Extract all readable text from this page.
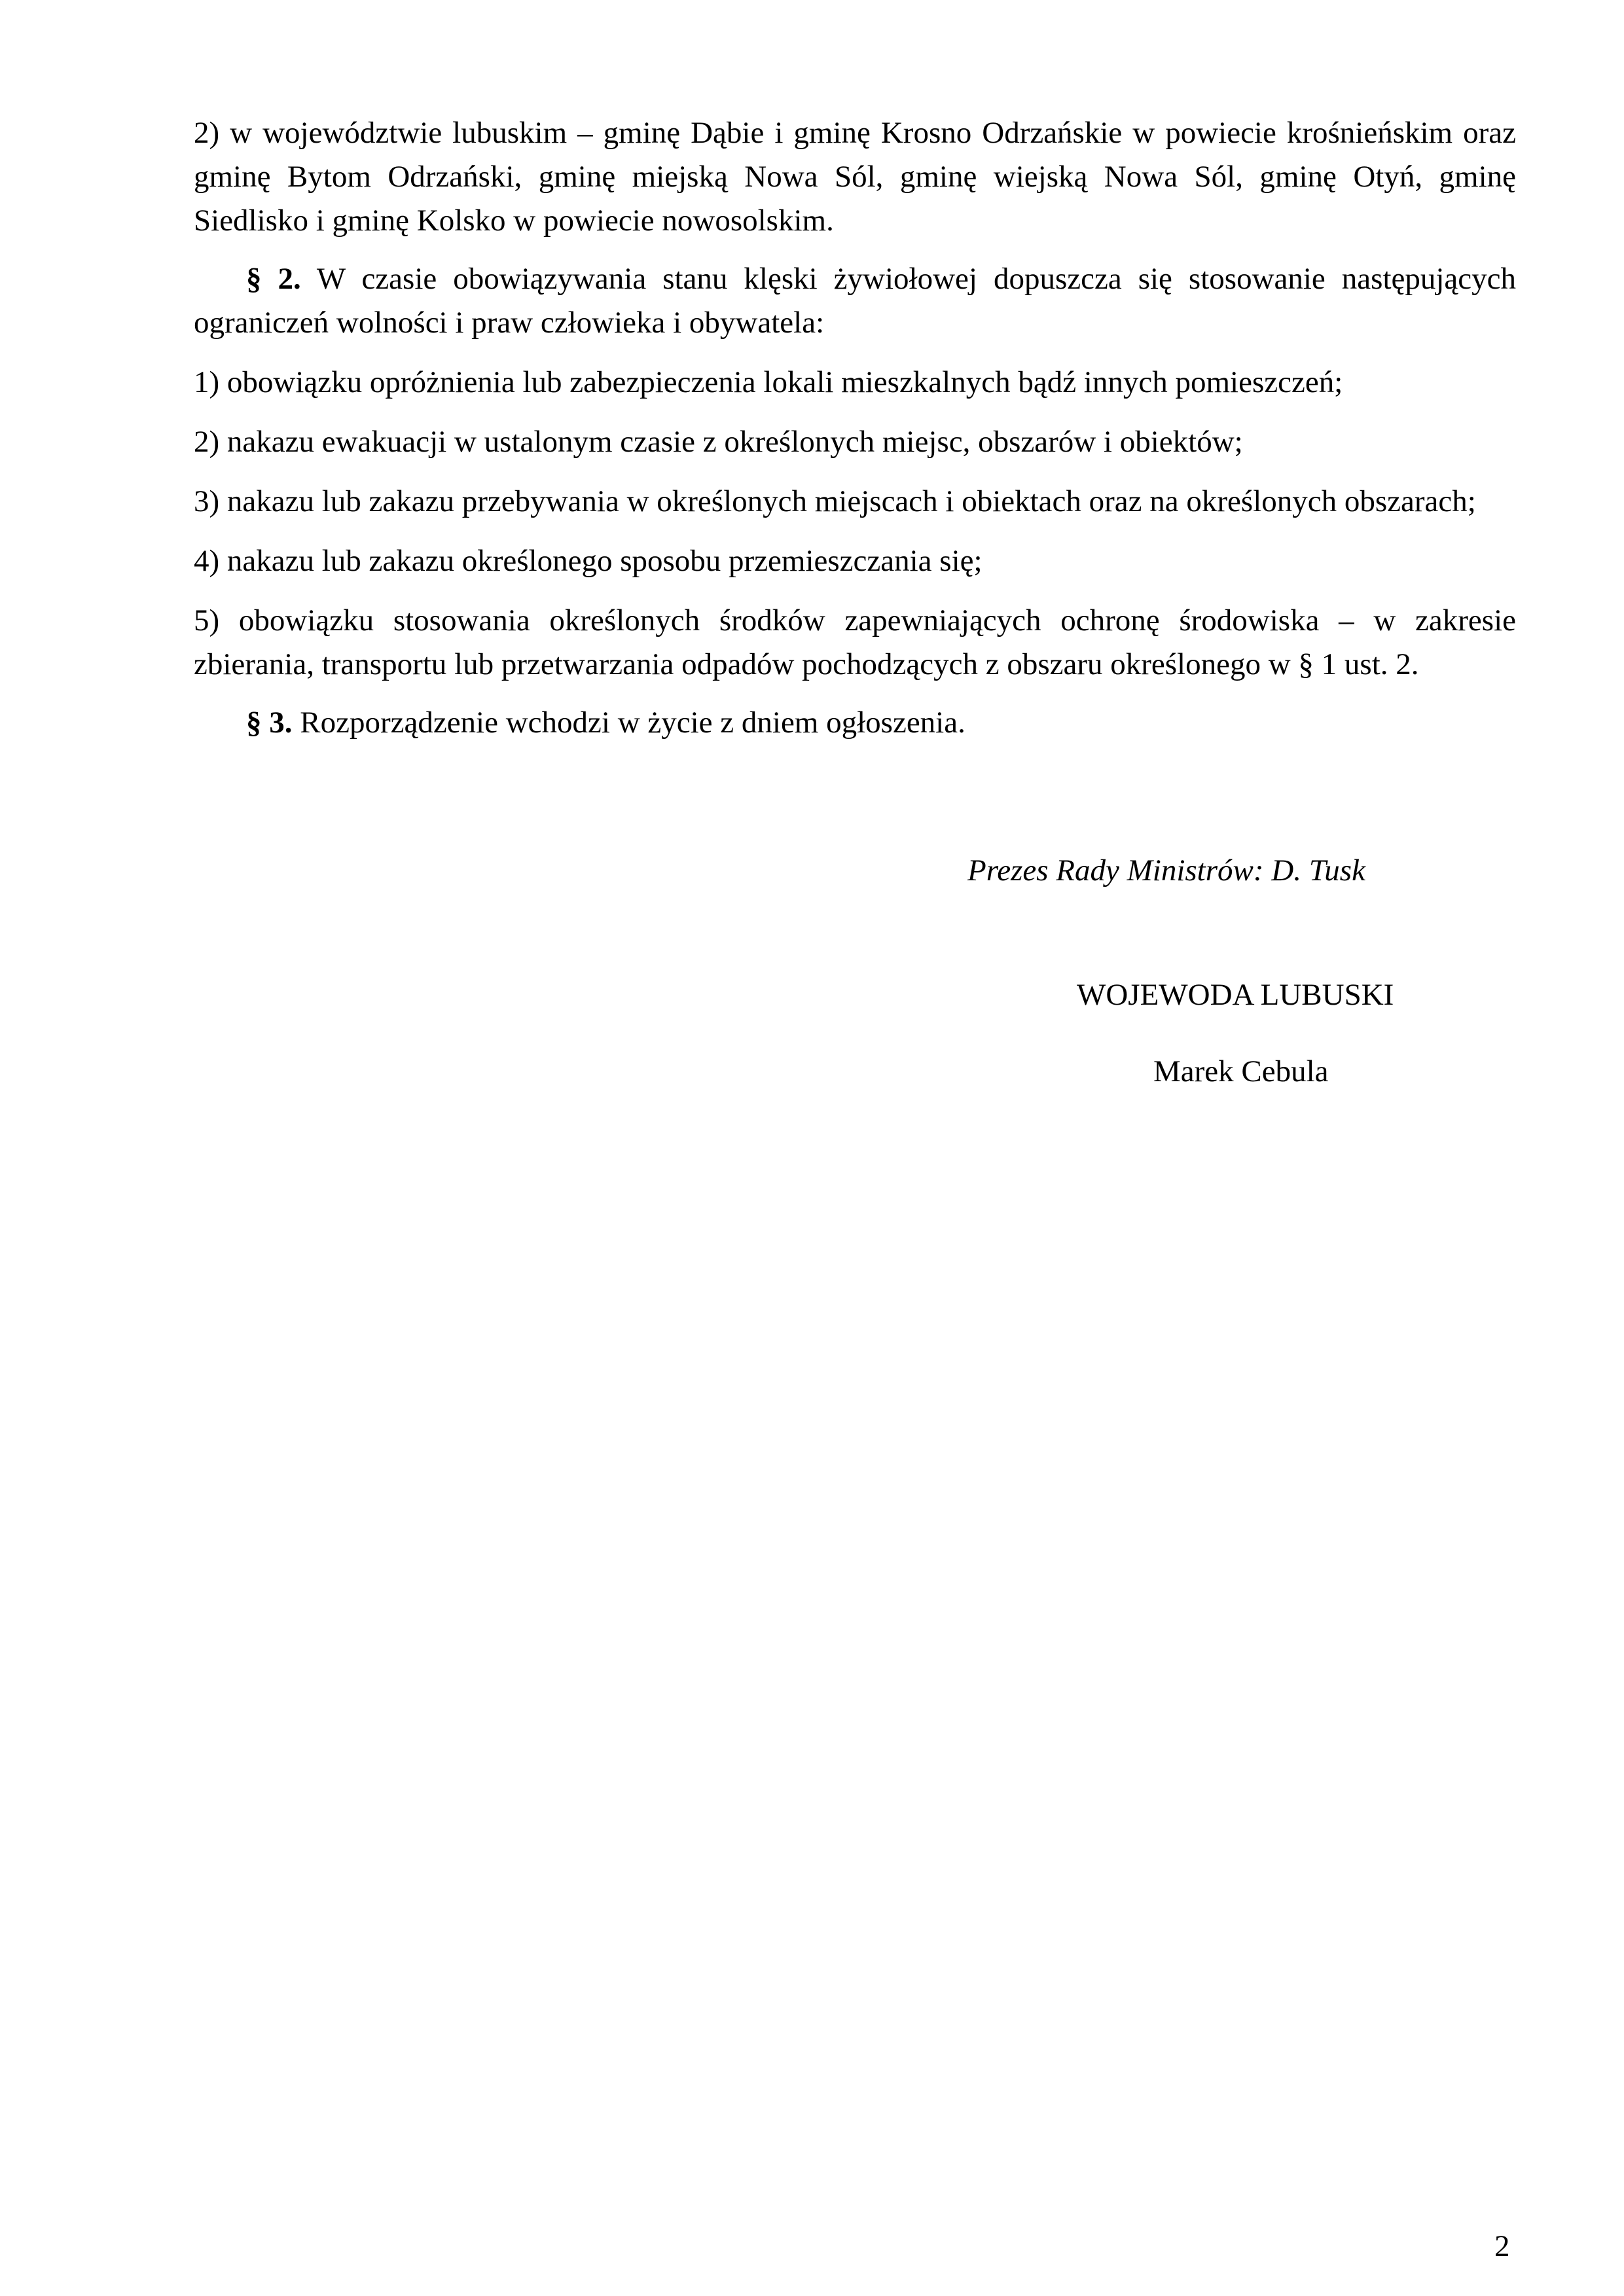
2) w województwie lubuskim – gminę Dąbie i gminę Krosno Odrzańskie w powiecie krośnieńskim oraz gminę Bytom Odrzański, gminę miejską Nowa Sól, gminę wiejską Nowa Sól, gminę Otyń, gminę Siedlisko i gminę Kolsko w powiecie nowosolskim.

§ 2. W czasie obowiązywania stanu klęski żywiołowej dopuszcza się stosowanie następujących ograniczeń wolności i praw człowieka i obywatela:

1) obowiązku opróżnienia lub zabezpieczenia lokali mieszkalnych bądź innych pomieszczeń;

2) nakazu ewakuacji w ustalonym czasie z określonych miejsc, obszarów i obiektów;

3) nakazu lub zakazu przebywania w określonych miejscach i obiektach oraz na określonych obszarach;

4) nakazu lub zakazu określonego sposobu przemieszczania się;

5) obowiązku stosowania określonych środków zapewniających ochronę środowiska – w zakresie zbierania, transportu lub przetwarzania odpadów pochodzących z obszaru określonego w § 1 ust. 2.

§ 3. Rozporządzenie wchodzi w życie z dniem ogłoszenia.

Prezes Rady Ministrów: D. Tusk
WOJEWODA LUBUSKI
Marek Cebula
2
